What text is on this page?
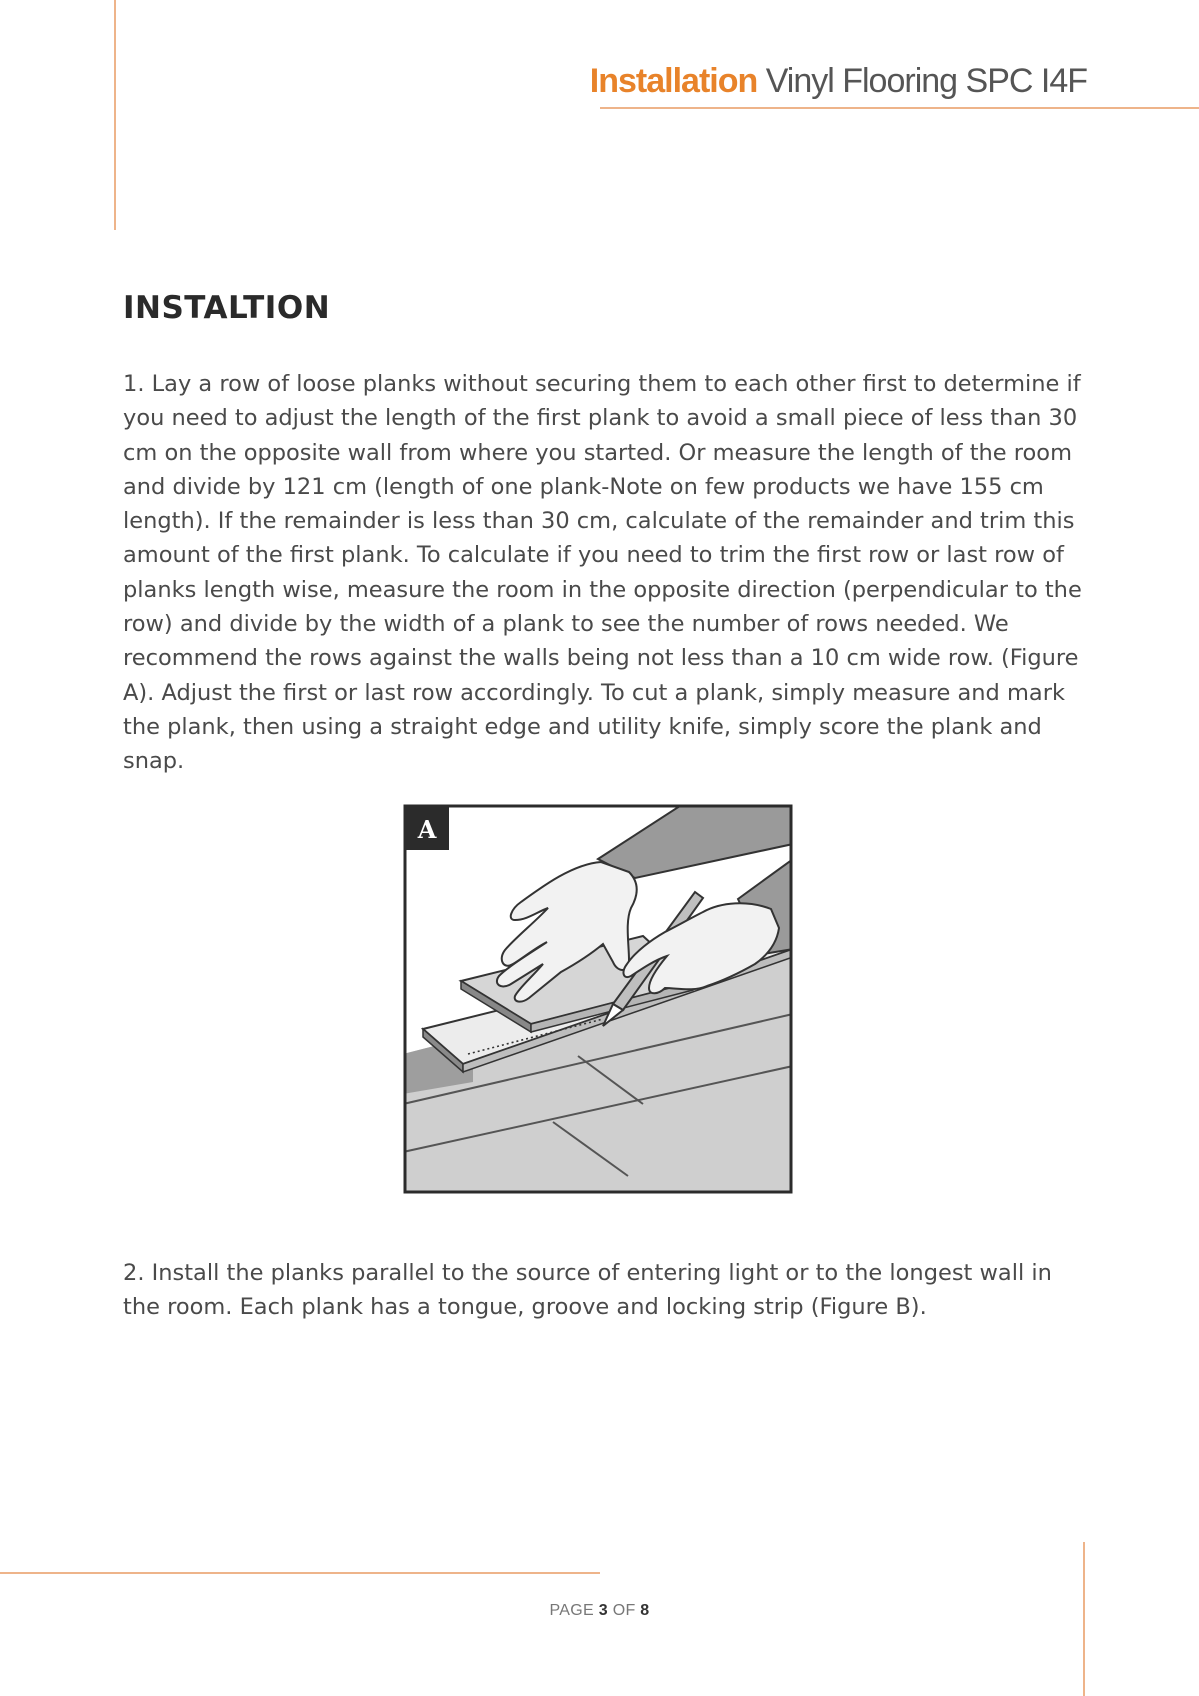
Installation Vinyl Flooring SPC I4F
INSTALTION

1. Lay a row of loose planks without securing them to each other first to determine if you need to adjust the length of the first plank to avoid a small piece of less than 30 cm on the opposite wall from where you started. Or measure the length of the room and divide by 121 cm (length of one plank-Note on few products we have 155 cm length). If the remainder is less than 30 cm, calculate of the remainder and trim this amount of the first plank. To calculate if you need to trim the first row or last row of planks length wise, measure the room in the opposite direction (perpendicular to the row) and divide by the width of a plank to see the number of rows needed. We recommend the rows against the walls being not less than a 10 cm wide row. (Figure A). Adjust the first or last row accordingly. To cut a plank, simply measure and mark the plank, then using a straight edge and utility knife, simply score the plank and snap.

A

2. Install the planks parallel to the source of entering light or to the longest wall in the room. Each plank has a tongue, groove and locking strip (Figure B).

PAGE 3 OF 8
